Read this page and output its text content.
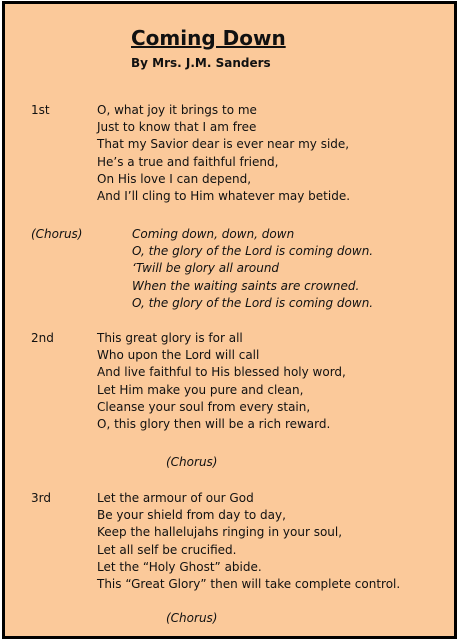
Coming Down
By Mrs. J.M. Sanders
1st	O, what joy it brings to me
Just to know that I am free
That my Savior dear is ever near my side,
He’s a true and faithful friend,
On His love I can depend,
And I’ll cling to Him whatever may betide.
(Chorus)	Coming down, down, down
O, the glory of the Lord is coming down.
‘Twill be glory all around
When the waiting saints are crowned.
O, the glory of the Lord is coming down.
2nd	This great glory is for all
Who upon the Lord will call
And live faithful to His blessed holy word,
Let Him make you pure and clean,
Cleanse your soul from every stain,
O, this glory then will be a rich reward.
(Chorus)
3rd	Let the armour of our God
Be your shield from day to day,
Keep the hallelujahs ringing in your soul,
Let all self be crucified.
Let the “Holy Ghost” abide.
This “Great Glory” then will take complete control.
(Chorus)
